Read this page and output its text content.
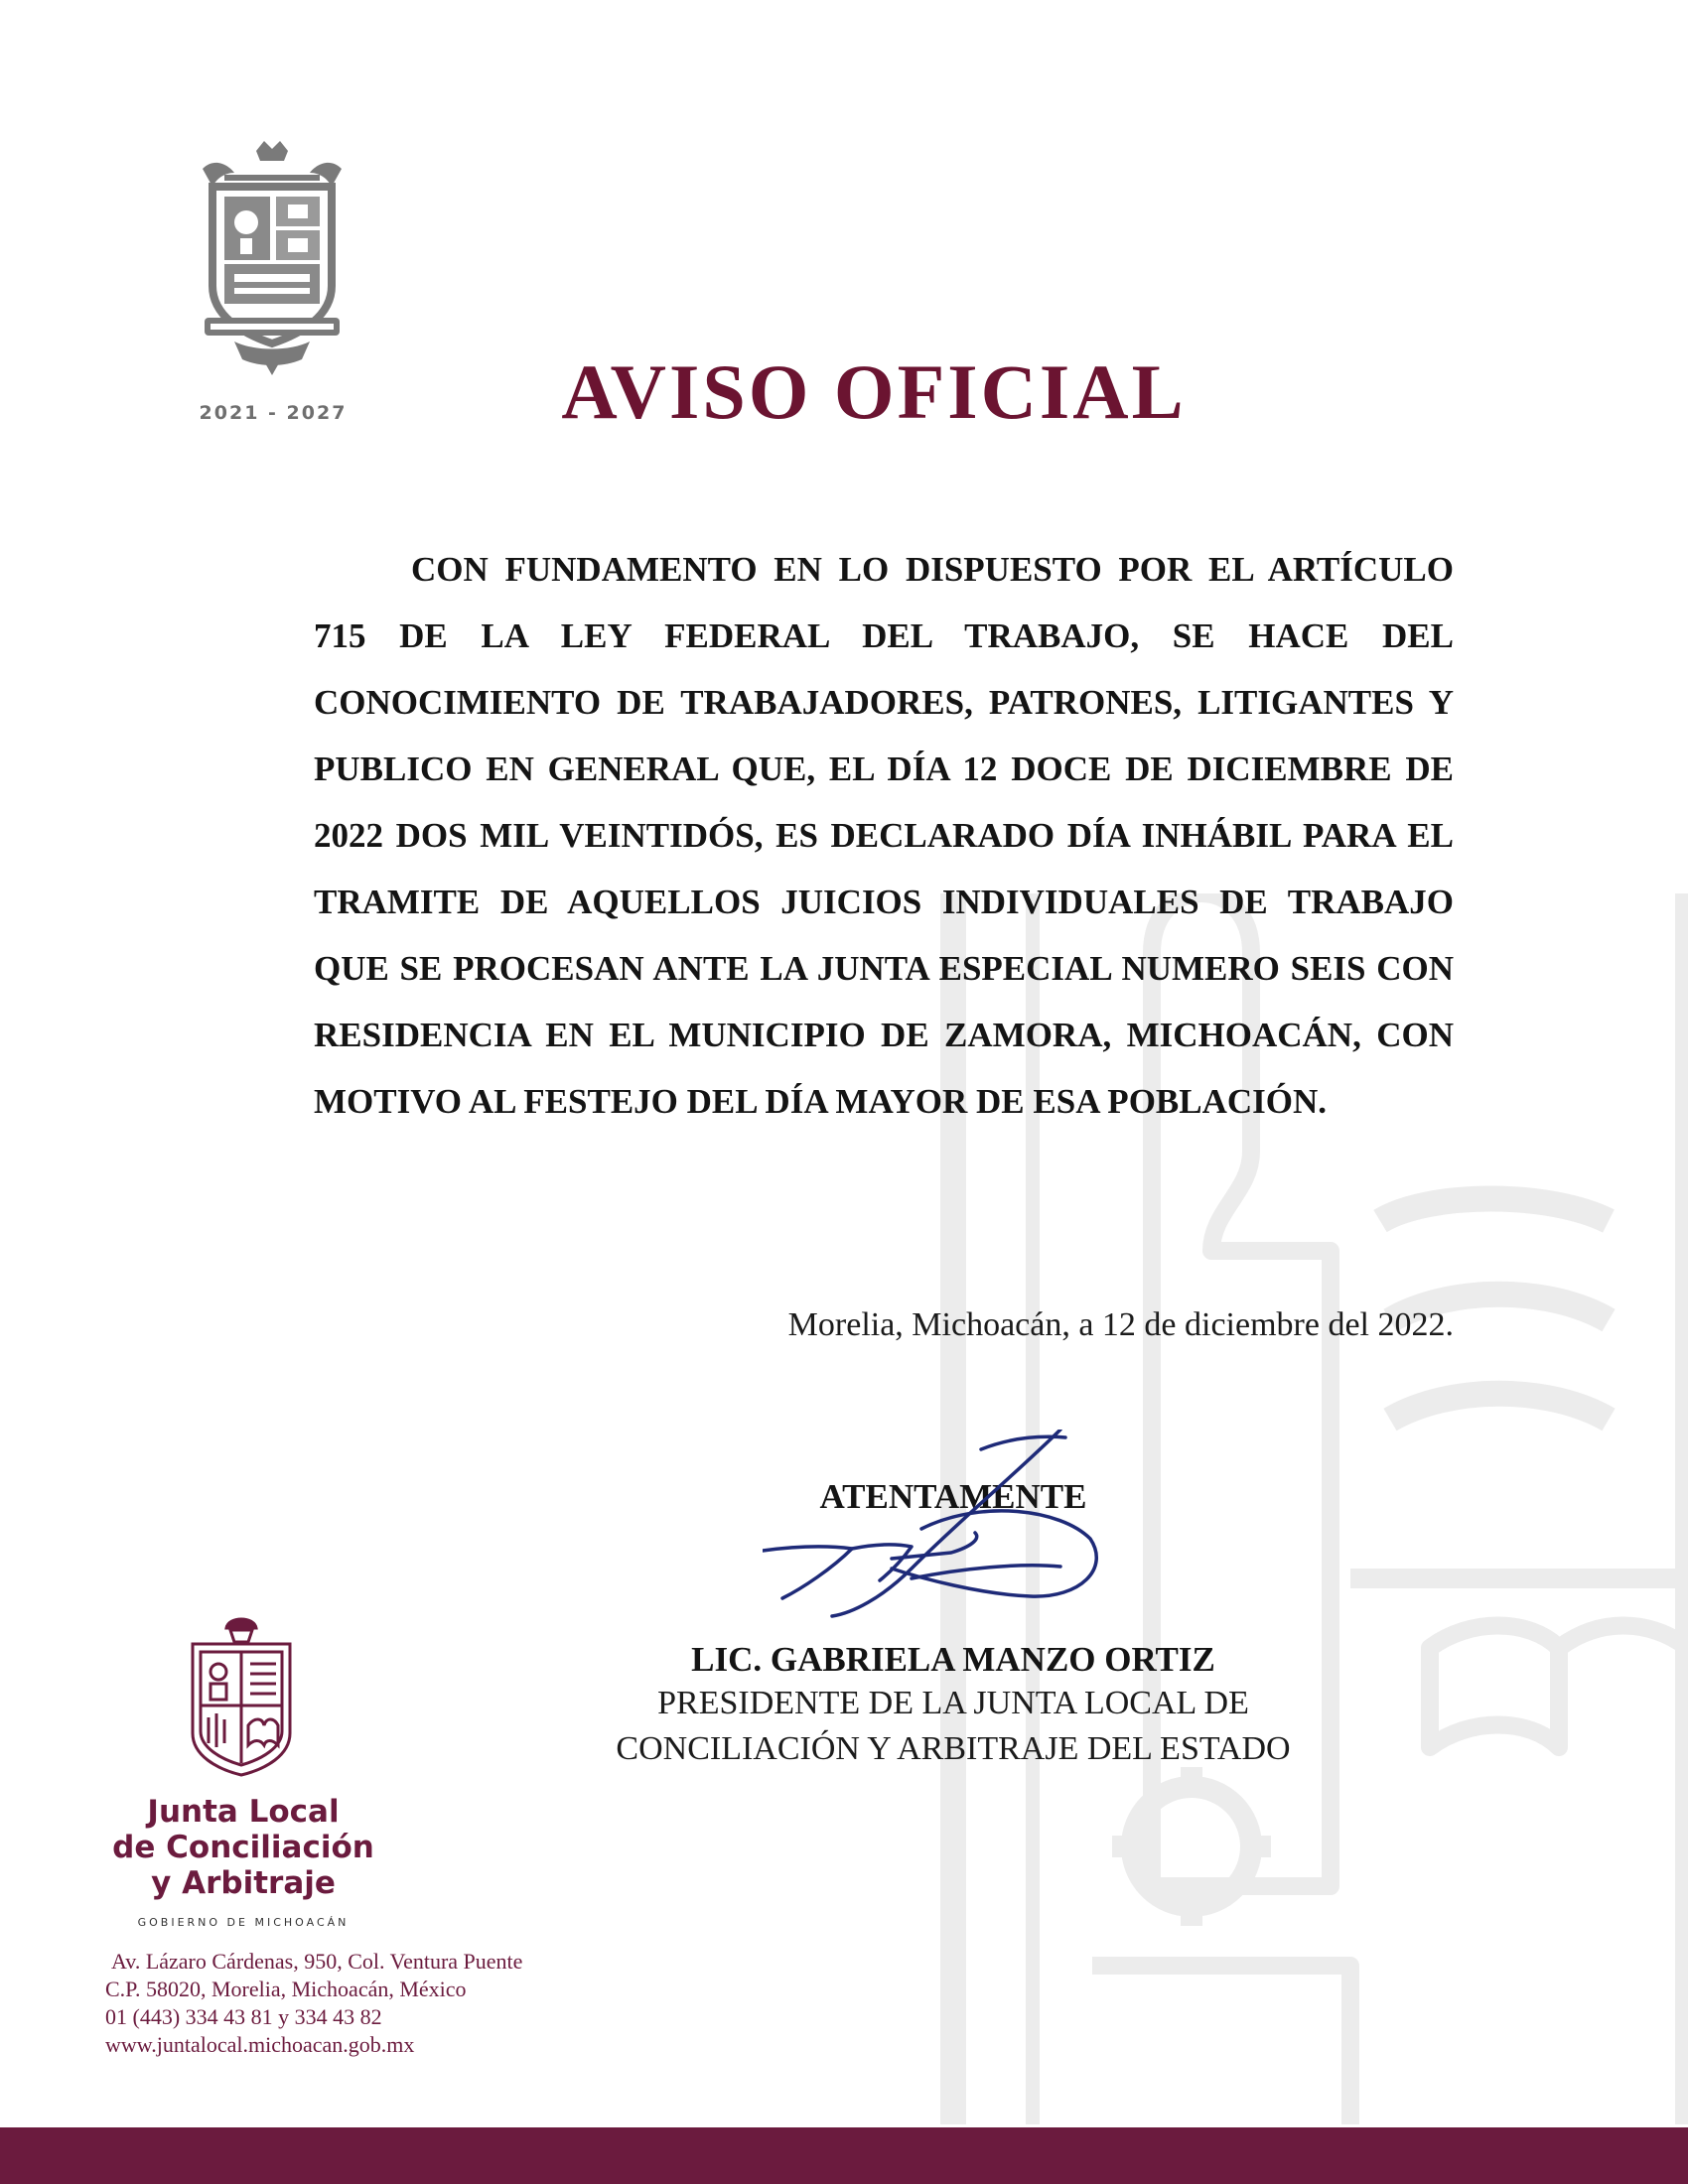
2021 - 2027	AVISO OFICIAL
CON FUNDAMENTO EN LO DISPUESTO POR EL ARTÍCULO 715 DE LA LEY FEDERAL DEL TRABAJO, SE HACE DEL CONOCIMIENTO DE TRABAJADORES, PATRONES, LITIGANTES Y PUBLICO EN GENERAL QUE, EL DÍA 12 DOCE DE DICIEMBRE DE 2022 DOS MIL VEINTIDÓS, ES DECLARADO DÍA INHÁBIL PARA EL TRAMITE DE AQUELLOS JUICIOS INDIVIDUALES DE TRABAJO QUE SE PROCESAN ANTE LA JUNTA ESPECIAL NUMERO SEIS CON RESIDENCIA EN EL MUNICIPIO DE ZAMORA, MICHOACÁN, CON MOTIVO AL FESTEJO DEL DÍA MAYOR DE ESA POBLACIÓN.
Morelia, Michoacán, a 12 de diciembre del 2022.
ATENTAMENTE
LIC. GABRIELA MANZO ORTIZ
PRESIDENTE DE LA JUNTA LOCAL DE
CONCILIACIÓN Y ARBITRAJE DEL ESTADO
Junta Local
de Conciliación
y Arbitraje
GOBIERNO DE MICHOACÁN
Av. Lázaro Cárdenas, 950, Col. Ventura Puente
C.P. 58020, Morelia, Michoacán, México
01 (443) 334 43 81 y 334 43 82
www.juntalocal.michoacan.gob.mx
